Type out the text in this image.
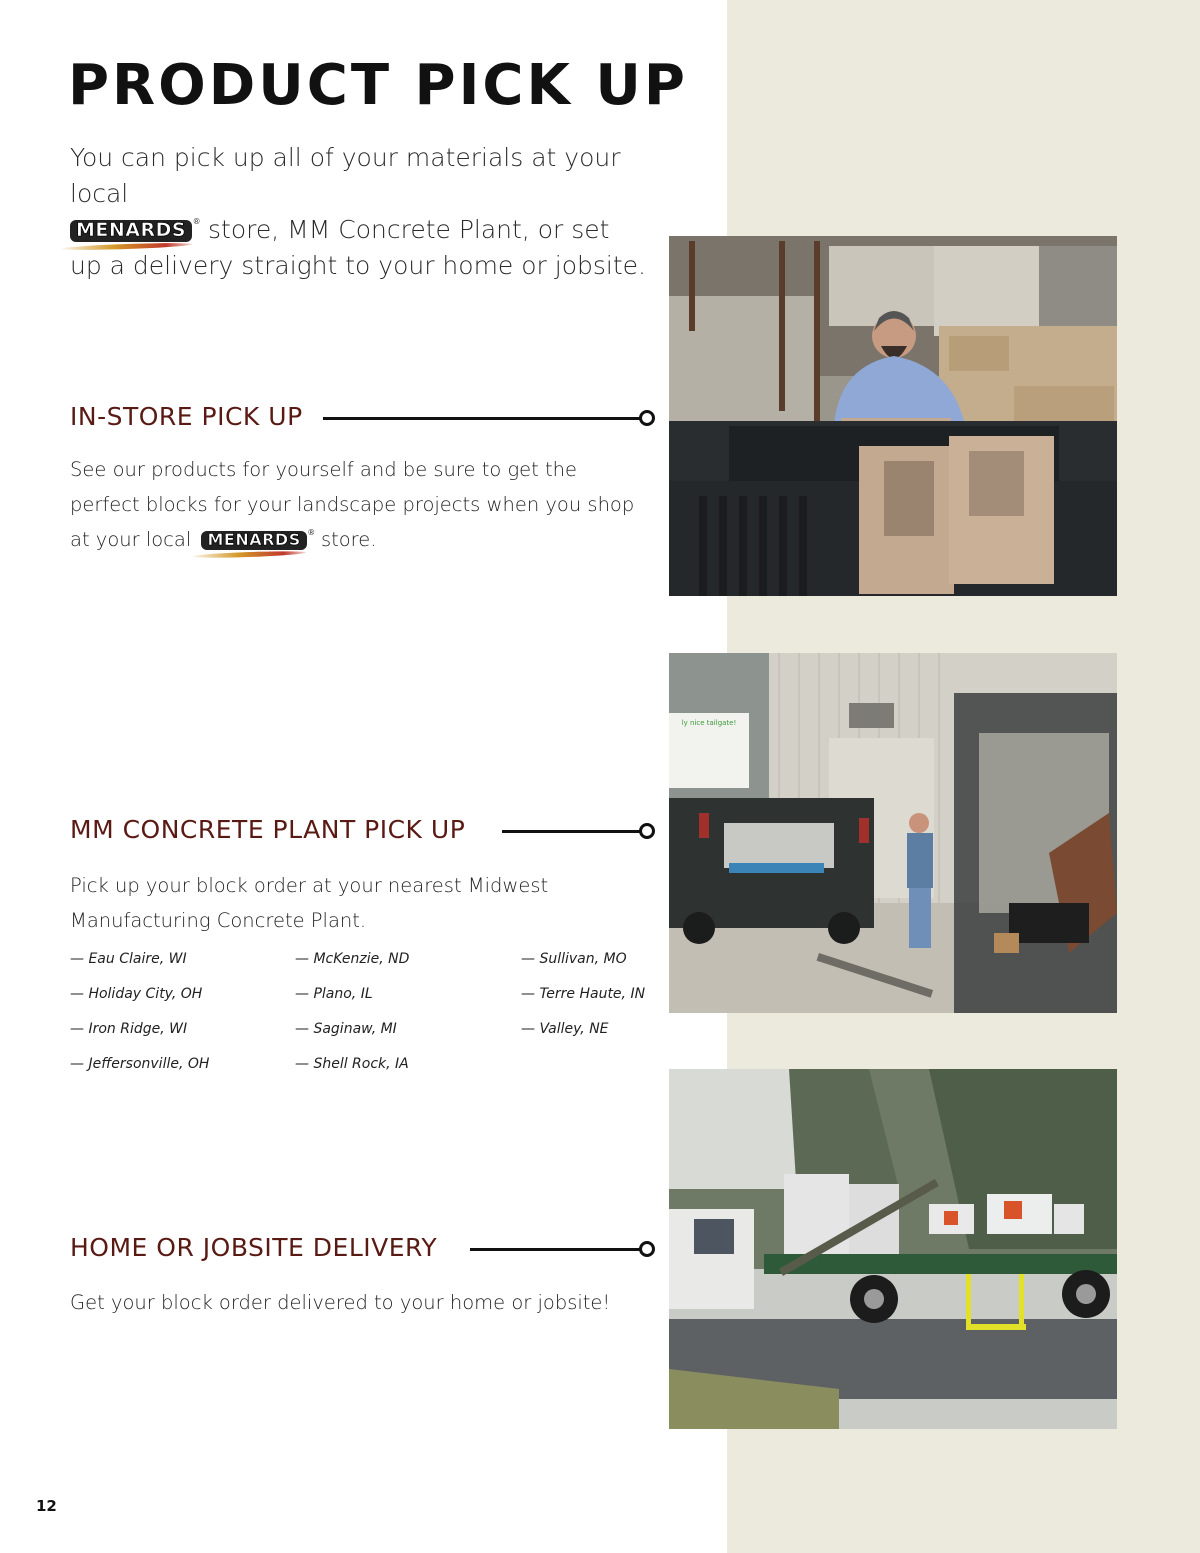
PRODUCT PICK UP
You can pick up all of your materials at your local
MENARDS ® store, MM Concrete Plant, or set
up a delivery straight to your home or jobsite.
IN-STORE PICK UP
See our products for yourself and be sure to get the
perfect blocks for your landscape projects when you shop
at your local MENARDS ® store.
MM CONCRETE PLANT PICK UP
Pick up your block order at your nearest Midwest
Manufacturing Concrete Plant.
— Eau Claire, WI	— McKenzie, ND	— Sullivan, MO
— Holiday City, OH	— Plano, IL	— Terre Haute, IN
— Iron Ridge, WI	— Saginaw, MI	— Valley, NE
— Jeffersonville, OH	— Shell Rock, IA
ly nice tailgate!
HOME OR JOBSITE DELIVERY
Get your block order delivered to your home or jobsite!
12
